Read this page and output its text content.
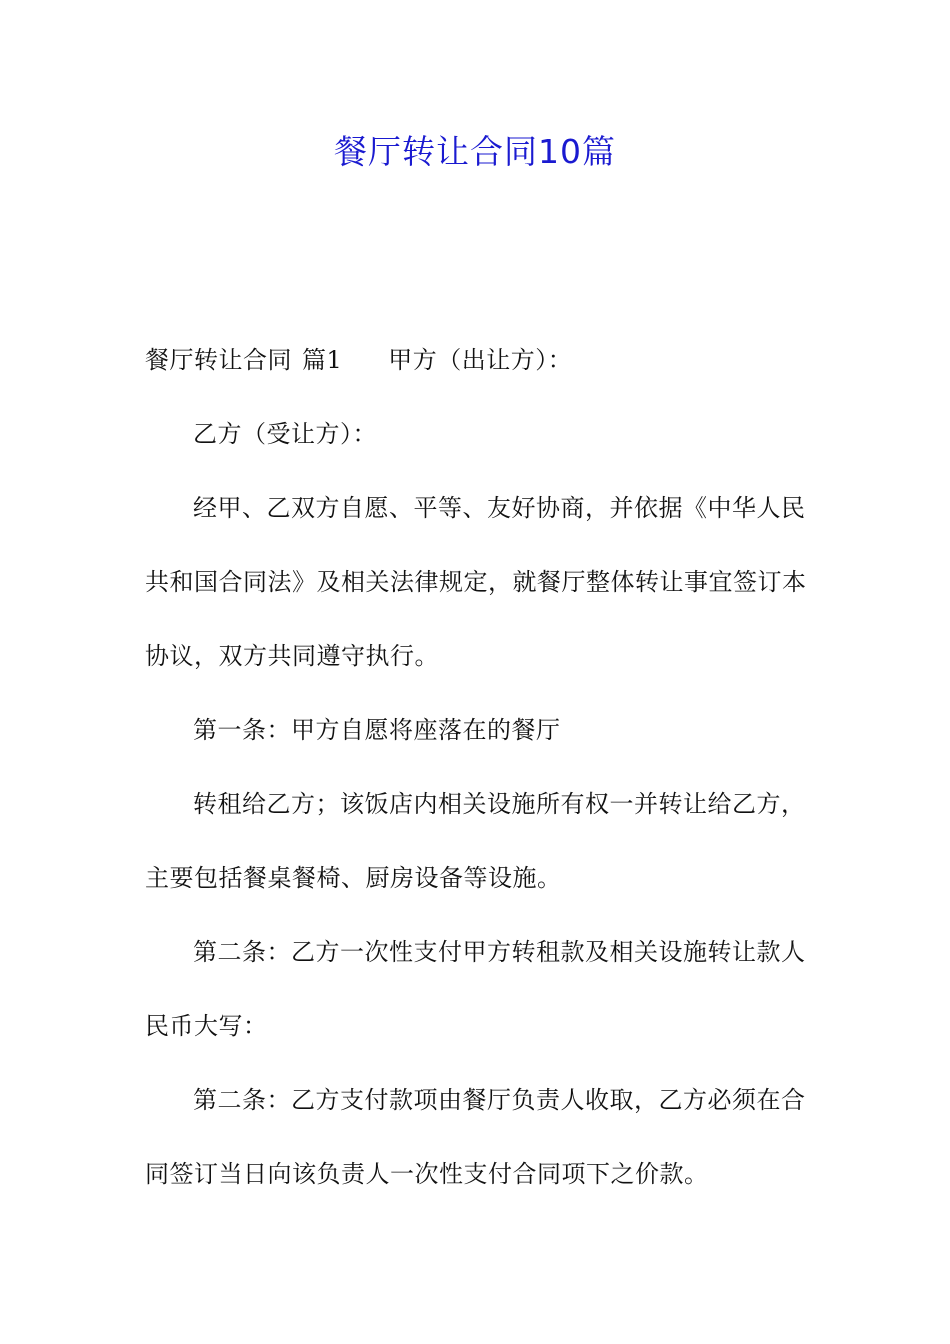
餐厅转让合同10篇
餐厅转让合同 篇1 甲方（出让方）：
乙方（受让方）：
经甲、乙双方自愿、平等、友好协商，并依据《中华人民
共和国合同法》及相关法律规定，就餐厅整体转让事宜签订本
协议，双方共同遵守执行。
第一条：甲方自愿将座落在的餐厅
转租给乙方；该饭店内相关设施所有权一并转让给乙方，
主要包括餐桌餐椅、厨房设备等设施。
第二条：乙方一次性支付甲方转租款及相关设施转让款人
民币大写：
第二条：乙方支付款项由餐厅负责人收取，乙方必须在合
同签订当日向该负责人一次性支付合同项下之价款。
